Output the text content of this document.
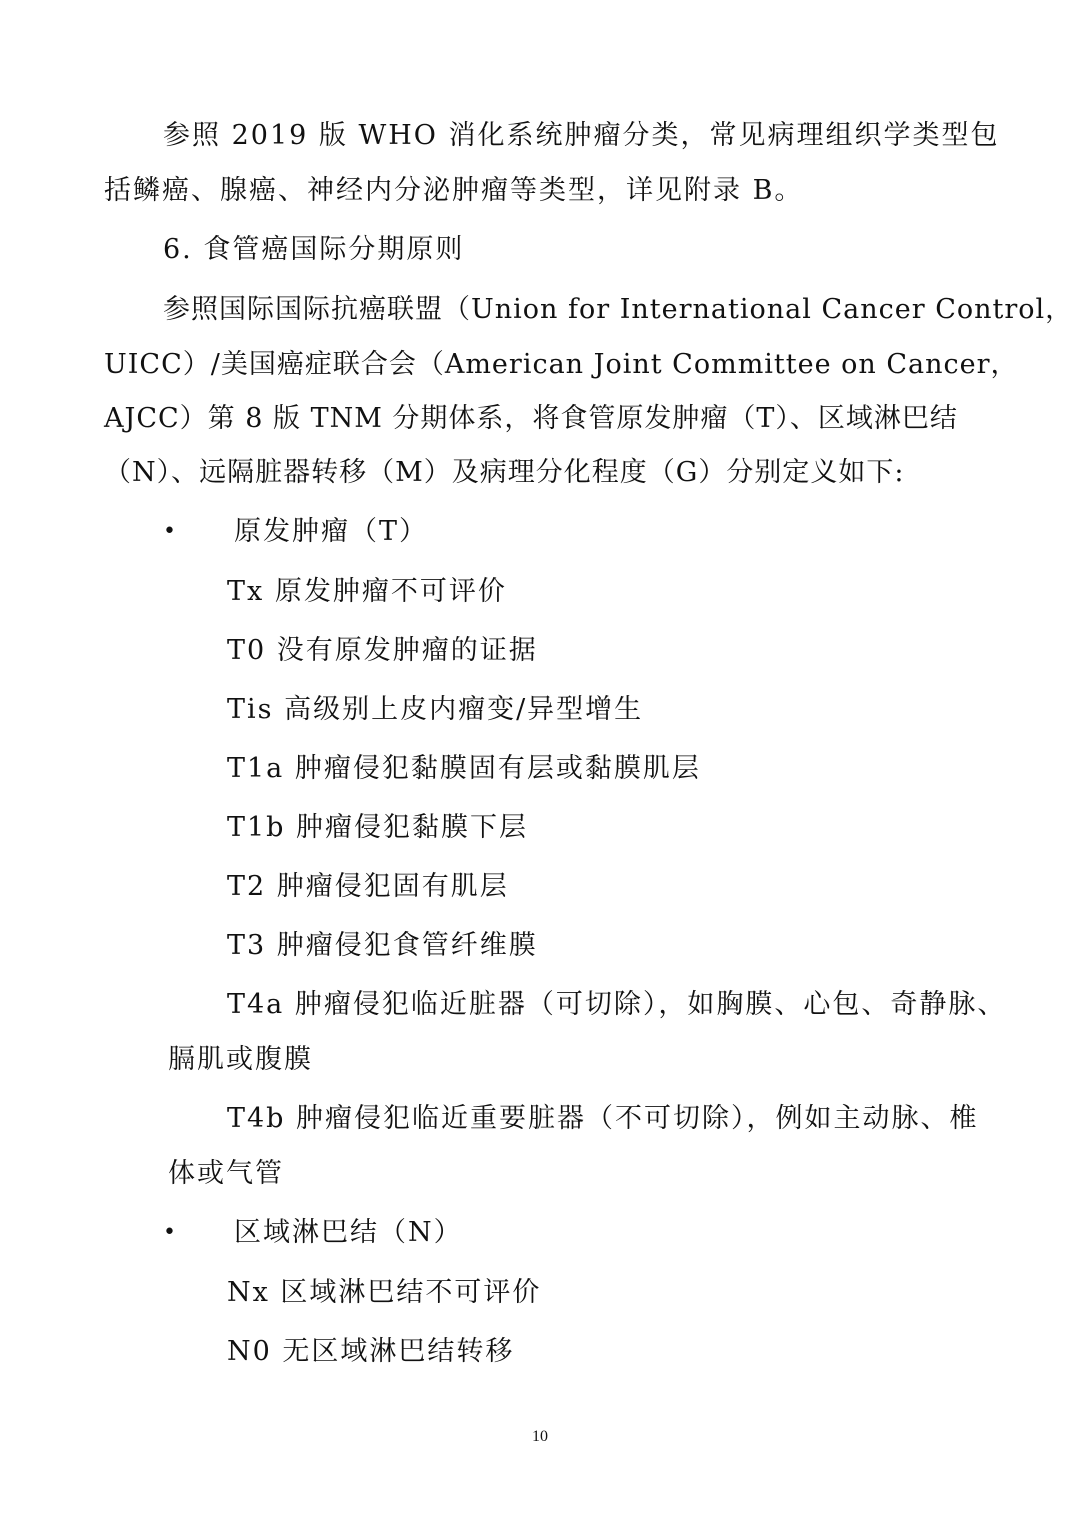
参照 2019 版 WHO 消化系统肿瘤分类，常见病理组织学类型包
括鳞癌、腺癌、神经内分泌肿瘤等类型，详见附录 B。
6. 食管癌国际分期原则
参照国际国际抗癌联盟（Union for International Cancer Control，
UICC）/美国癌症联合会（American Joint Committee on Cancer，
AJCC）第 8 版 TNM 分期体系，将食管原发肿瘤（T）、区域淋巴结
（N）、远隔脏器转移（M）及病理分化程度（G）分别定义如下:
• 原发肿瘤（T）
Tx 原发肿瘤不可评价
T0 没有原发肿瘤的证据
Tis 高级别上皮内瘤变/异型增生
T1a 肿瘤侵犯黏膜固有层或黏膜肌层
T1b 肿瘤侵犯黏膜下层
T2 肿瘤侵犯固有肌层
T3 肿瘤侵犯食管纤维膜
T4a 肿瘤侵犯临近脏器（可切除），如胸膜、心包、奇静脉、
膈肌或腹膜
T4b 肿瘤侵犯临近重要脏器（不可切除），例如主动脉、椎
体或气管
• 区域淋巴结（N）
Nx 区域淋巴结不可评价
N0 无区域淋巴结转移
10
